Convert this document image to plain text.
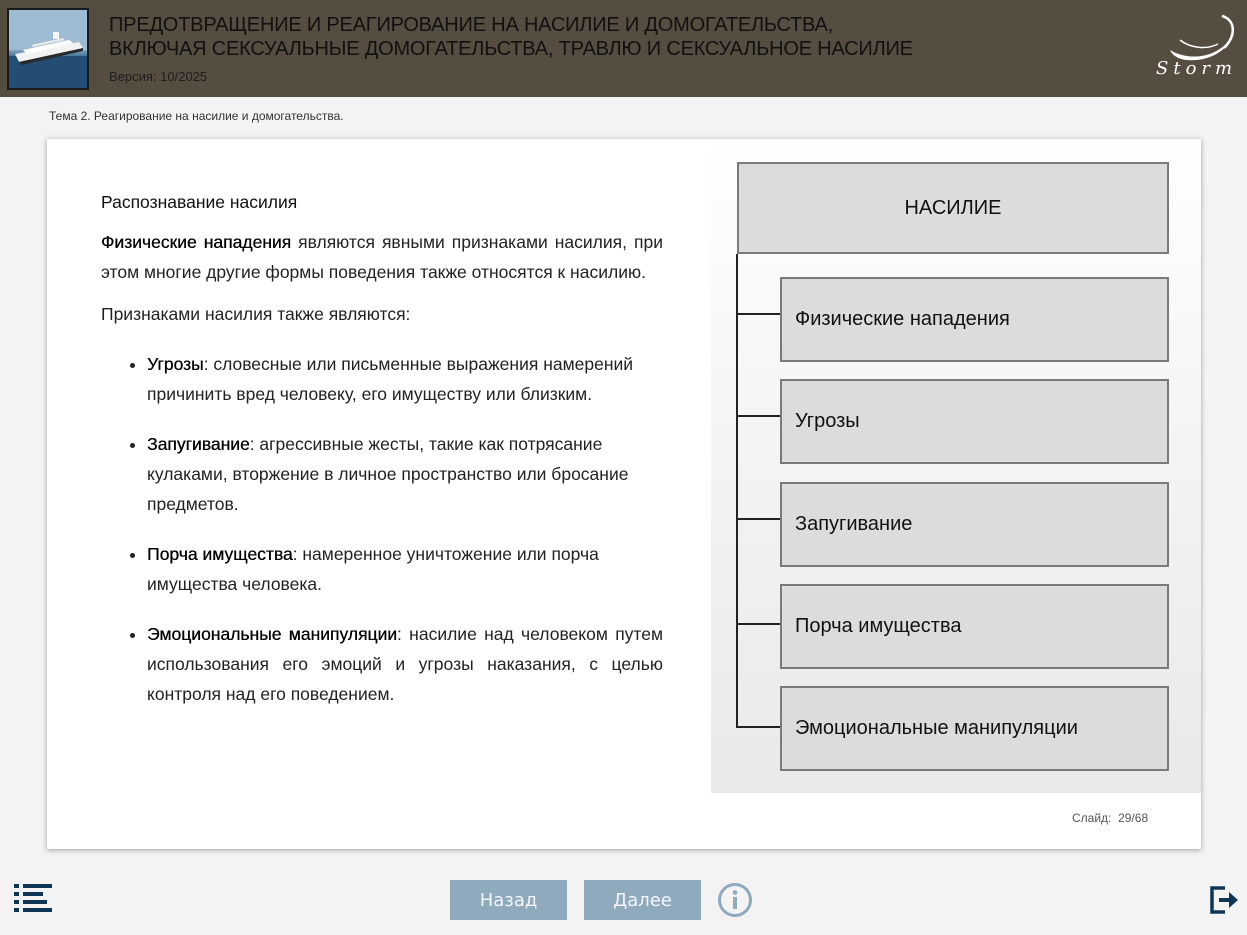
ПРЕДОТВРАЩЕНИЕ И РЕАГИРОВАНИЕ НА НАСИЛИЕ И ДОМОГАТЕЛЬСТВА,
ВКЛЮЧАЯ СЕКСУАЛЬНЫЕ ДОМОГАТЕЛЬСТВА, ТРАВЛЮ И СЕКСУАЛЬНОЕ НАСИЛИЕ
Версия: 10/2025	Storm
Тема 2. Реагирование на насилие и домогательства.
Распознавание насилия

Физические нападения являются явными признаками насилия, при этом многие другие формы поведения также относятся к насилию.

Признаками насилия также являются:

• Угрозы: словесные или письменные выражения намерений причинить вред человеку, его имуществу или близким.
• Запугивание: агрессивные жесты, такие как потрясание кулаками, вторжение в личное пространство или бросание предметов.
• Порча имущества: намеренное уничтожение или порча имущества человека.
• Эмоциональные манипуляции: насилие над человеком путем использования его эмоций и угрозы наказания, с целью контроля над его поведением.
НАСИЛИЕ
Физические нападения
Угрозы
Запугивание
Порча имущества
Эмоциональные манипуляции
Слайд: 29/68
Назад	Далее
